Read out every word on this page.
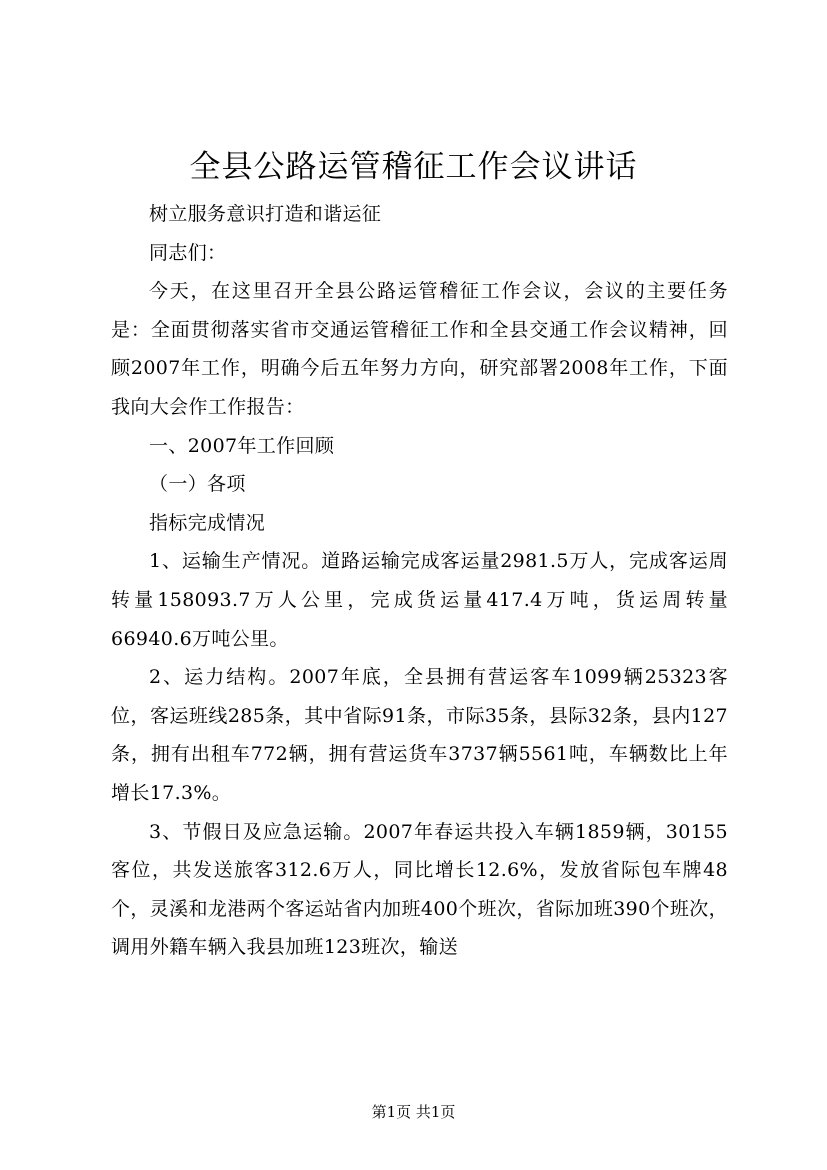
全县公路运管稽征工作会议讲话

树立服务意识打造和谐运征

同志们：

今天，在这里召开全县公路运管稽征工作会议，会议的主要任务是：全面贯彻落实省市交通运管稽征工作和全县交通工作会议精神，回顾2007年工作，明确今后五年努力方向，研究部署2008年工作，下面我向大会作工作报告：

一、2007年工作回顾

（一）各项

指标完成情况

1、运输生产情况。道路运输完成客运量2981.5万人，完成客运周转量158093.7万人公里，完成货运量417.4万吨，货运周转量66940.6万吨公里。

2、运力结构。2007年底，全县拥有营运客车1099辆25323客位，客运班线285条，其中省际91条，市际35条，县际32条，县内127条，拥有出租车772辆，拥有营运货车3737辆5561吨，车辆数比上年增长17.3%。

3、节假日及应急运输。2007年春运共投入车辆1859辆，30155客位，共发送旅客312.6万人，同比增长12.6%，发放省际包车牌48个，灵溪和龙港两个客运站省内加班400个班次，省际加班390个班次，调用外籍车辆入我县加班123班次，输送

第1页 共1页
